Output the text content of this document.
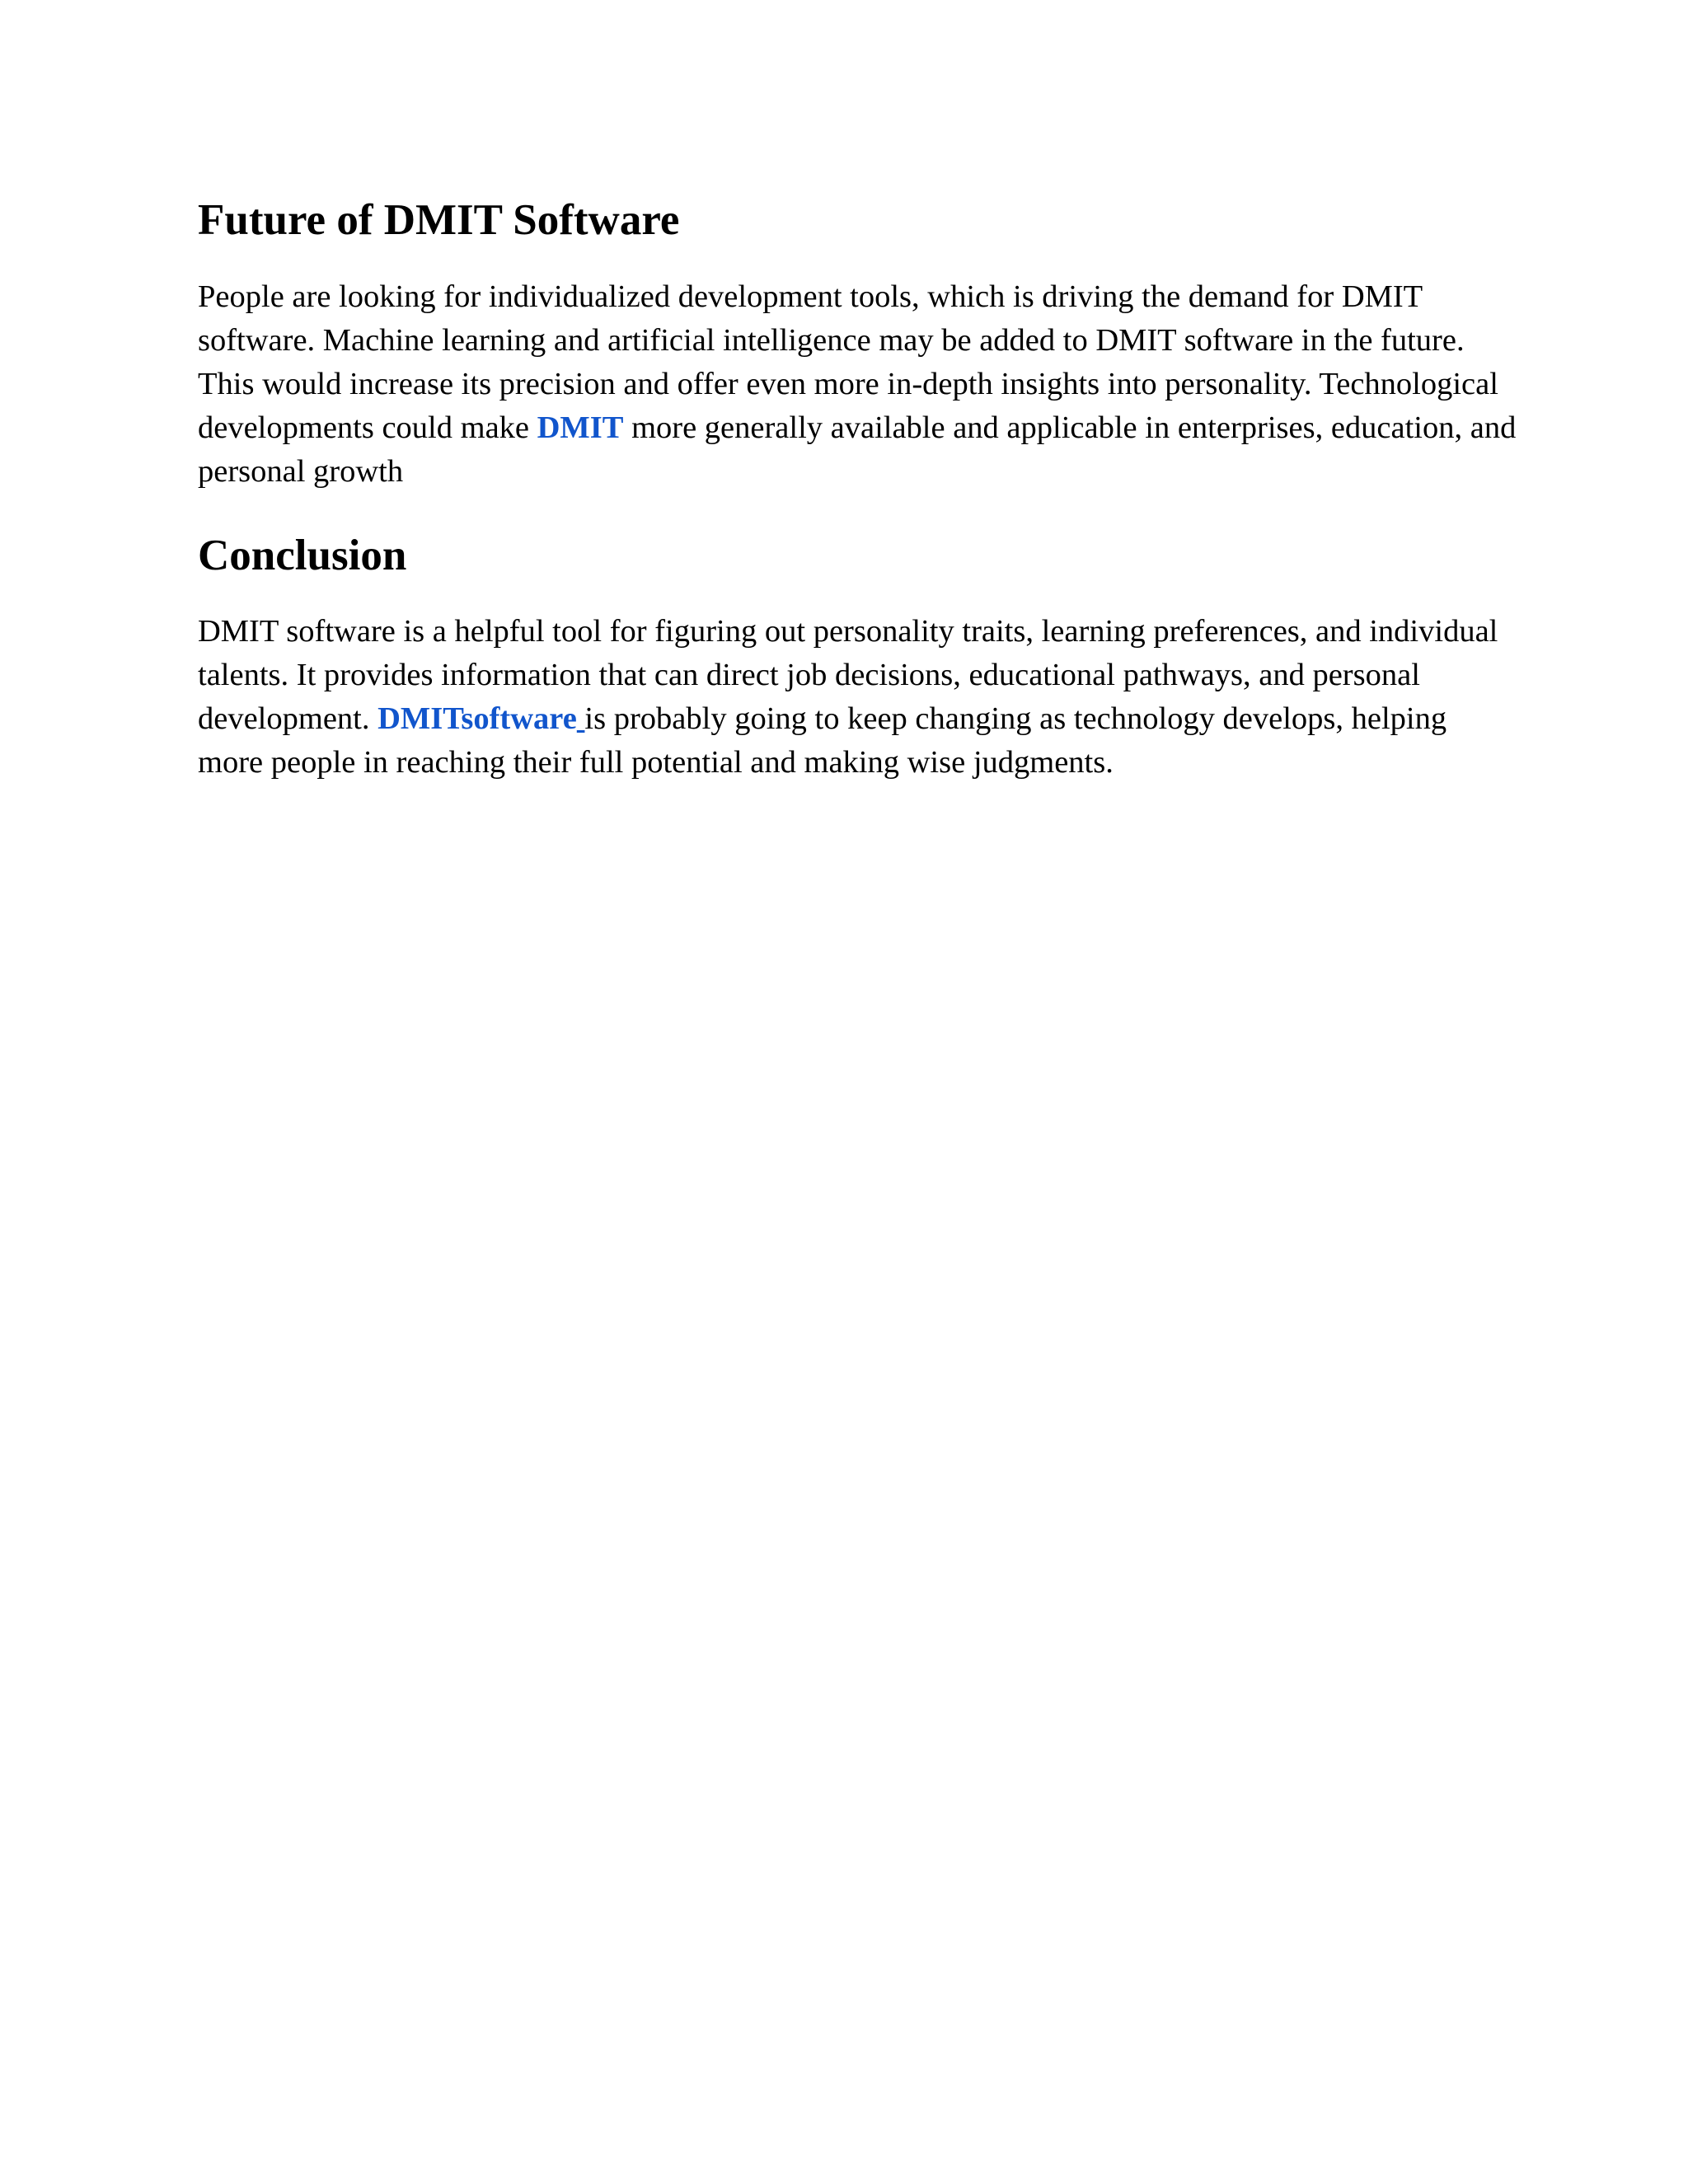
Future of DMIT Software

People are looking for individualized development tools, which is driving the demand for DMIT software. Machine learning and artificial intelligence may be added to DMIT software in the future. This would increase its precision and offer even more in-depth insights into personality. Technological developments could make DMIT more generally available and applicable in enterprises, education, and personal growth

Conclusion

DMIT software is a helpful tool for figuring out personality traits, learning preferences, and individual talents. It provides information that can direct job decisions, educational pathways, and personal development. DMITsoftware is probably going to keep changing as technology develops, helping more people in reaching their full potential and making wise judgments.
